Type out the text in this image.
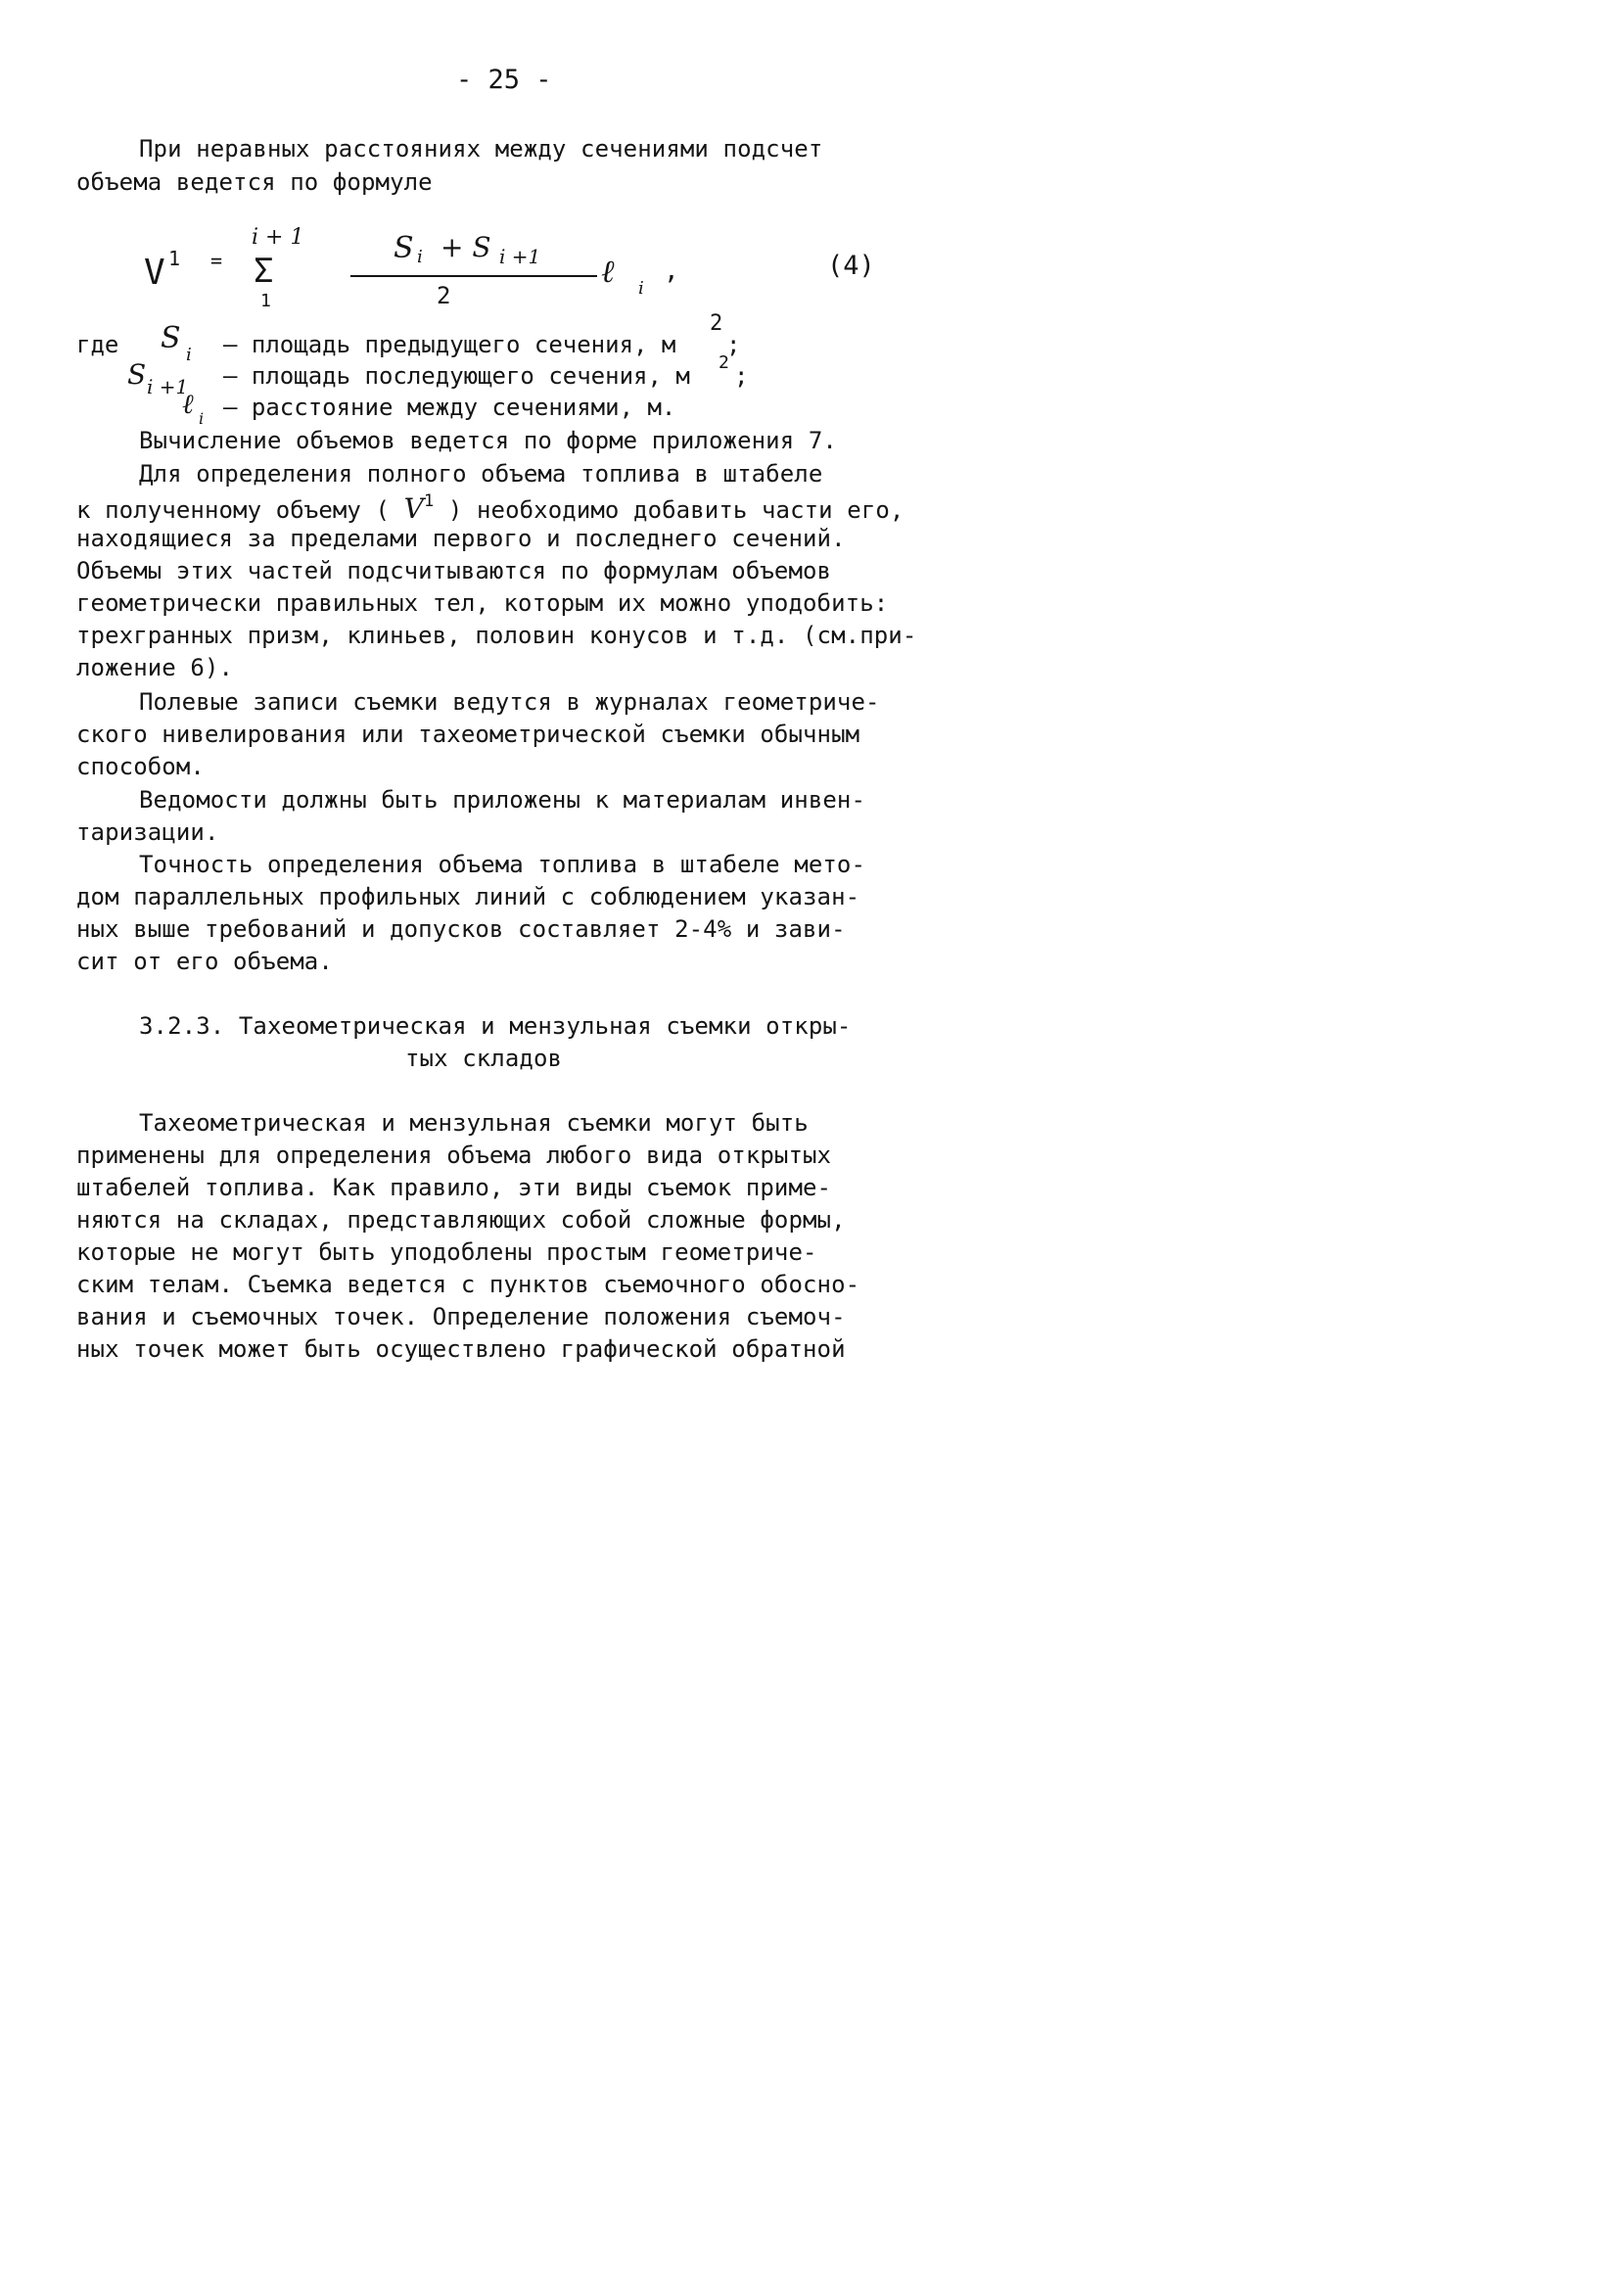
- 25 -
При неравных расстояниях между сечениями подсчет
объема ведется по формуле
V 1 =
i + 1
Σ
1
S i + S i +1
2
ℓ i
,	(4)
где S i – площадь предыдущего сечения, м
2
;
S i +1 – площадь последующего сечения, м 2 ;
ℓ i – расстояние между сечениями, м.
Вычисление объемов ведется по форме приложения 7.
Для определения полного объема топлива в штабеле
к полученному объему ( $V^1$ ) необходимо добавить части его,
находящиеся за пределами первого и последнего сечений.
Объемы этих частей подсчитываются по формулам объемов
геометрически правильных тел, которым их можно уподобить:
трехгранных призм, клиньев, половин конусов и т.д. (см.при-
ложение 6).
Полевые записи съемки ведутся в журналах геометриче-
ского нивелирования или тахеометрической съемки обычным
способом.
Ведомости должны быть приложены к материалам инвен-
таризации.
Точность определения объема топлива в штабеле мето-
дом параллельных профильных линий с соблюдением указан-
ных выше требований и допусков составляет 2-4% и зави-
сит от его объема.
3.2.3. Тахеометрическая и мензульная съемки откры-
тых складов
Тахеометрическая и мензульная съемки могут быть
применены для определения объема любого вида открытых
штабелей топлива. Как правило, эти виды съемок приме-
няются на складах, представляющих собой сложные формы,
которые не могут быть уподоблены простым геометриче-
ским телам. Съемка ведется с пунктов съемочного обосно-
вания и съемочных точек. Определение положения съемоч-
ных точек может быть осуществлено графической обратной
